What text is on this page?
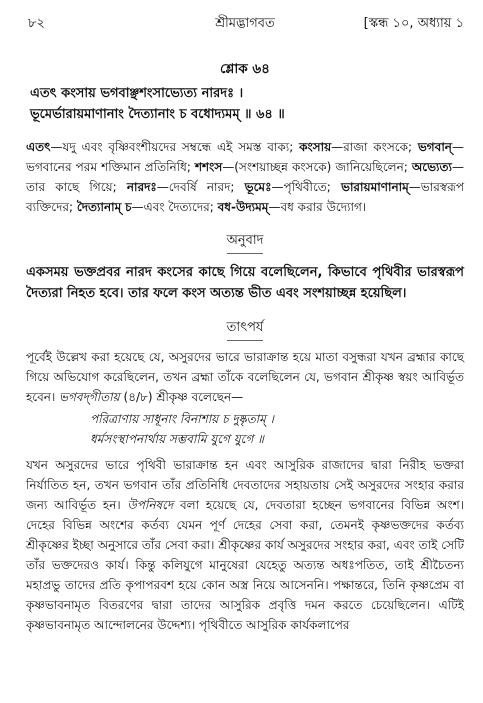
৮২	শ্রীমদ্ভাগবত	[স্কন্ধ ১০, অধ্যায় ১
শ্লোক ৬৪
এতৎ কংসায় ভগবাঞ্ছশংসাভ্যেত্য নারদঃ ।
ভূমের্ভারায়মাণানাং দৈত্যানাং চ বধোদ্যমম্ ॥ ৬৪ ॥
এতৎ—যদু এবং বৃষ্ণিবংশীয়দের সম্বন্ধে এই সমস্ত বাক্য; কংসায়—রাজা কংসকে; ভগবান্—ভগবানের পরম শক্তিমান প্রতিনিধি; শশংস—(সংশয়াচ্ছন্ন কংসকে) জানিয়েছিলেন; অভ্যেত্য—তার কাছে গিয়ে; নারদঃ—দেবর্ষি নারদ; ভূমেঃ—পৃথিবীতে; ভারায়মাণানাম্—ভারস্বরূপ ব্যক্তিদের; দৈত্যানাম্ চ—এবং দৈত্যদের; বধ-উদ্যমম্—বধ করার উদ্যোগ।
অনুবাদ
একসময় ভক্তপ্রবর নারদ কংসের কাছে গিয়ে বলেছিলেন, কিভাবে পৃথিবীর ভারস্বরূপ দৈত্যরা নিহত হবে। তার ফলে কংস অত্যন্ত ভীত এবং সংশয়াচ্ছন্ন হয়েছিল।
তাৎপর্য
পূর্বেই উল্লেখ করা হয়েছে যে, অসুরদের ভারে ভারাক্রান্ত হয়ে মাতা বসুন্ধরা যখন ব্রহ্মার কাছে গিয়ে অভিযোগ করেছিলেন, তখন ব্রহ্মা তাঁকে বলেছিলেন যে, ভগবান শ্রীকৃষ্ণ স্বয়ং আবির্ভূত হবেন। ভগবদ্‌গীতায় (৪/৮) শ্রীকৃষ্ণ বলেছেন—
পরিত্রাণায় সাধূনাং বিনাশায় চ দুষ্কৃতাম্ ।
ধর্মসংস্থাপনার্থায় সম্ভবামি যুগে যুগে ॥
যখন অসুরদের ভারে পৃথিবী ভারাক্রান্ত হন এবং আসুরিক রাজাদের দ্বারা নিরীহ ভক্তরা নির্যাতিত হন, তখন ভগবান তাঁর প্রতিনিধি দেবতাদের সহায়তায় সেই অসুরদের সংহার করার জন্য আবির্ভূত হন। উপনিষদে বলা হয়েছে যে, দেবতারা হচ্ছেন ভগবানের বিভিন্ন অংশ। দেহের বিভিন্ন অংশের কর্তব্য যেমন পূর্ণ দেহের সেবা করা, তেমনই কৃষ্ণভক্তদের কর্তব্য শ্রীকৃষ্ণের ইচ্ছা অনুসারে তাঁর সেবা করা। শ্রীকৃষ্ণের কার্য অসুরদের সংহার করা, এবং তাই সেটি তাঁর ভক্তদেরও কার্য। কিন্তু কলিযুগে মানুষেরা যেহেতু অত্যন্ত অধঃপতিত, তাই শ্রীচৈতন্য মহাপ্রভু তাদের প্রতি কৃপাপরবশ হয়ে কোন অস্ত্র নিয়ে আসেননি। পক্ষান্তরে, তিনি কৃষ্ণপ্রেম বা কৃষ্ণভাবনামৃত বিতরণের দ্বারা তাদের আসুরিক প্রবৃত্তি দমন করতে চেয়েছিলেন। এটিই কৃষ্ণভাবনামৃত আন্দোলনের উদ্দেশ্য। পৃথিবীতে আসুরিক কার্যকলাপের
